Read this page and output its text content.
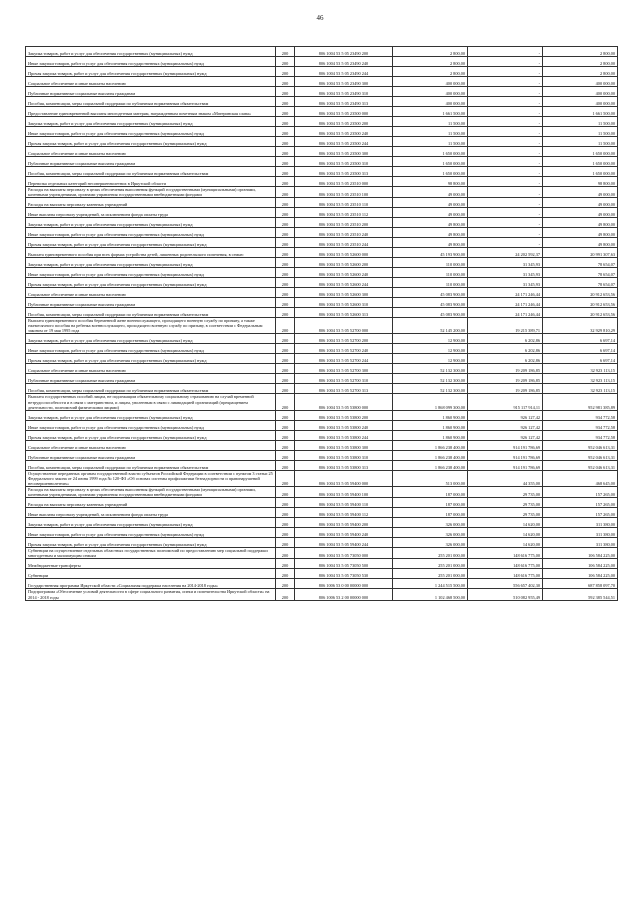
46
Закупка товаров, работ и услуг для обеспечения государственных (муниципальных) нужд	200	806 1004 53 5 05 23490 200	2 800,00	-	2 800,00
Иные закупки товаров, работ и услуг для обеспечения государственных (муниципальных) нужд	200	806 1004 53 5 05 23490 240	2 800,00	-	2 800,00
Прочая закупка товаров, работ и услуг для обеспечения государственных (муниципальных) нужд	200	806 1004 53 5 05 23490 244	2 800,00	-	2 800,00
Социальное обеспечение и иные выплаты населению	200	806 1004 53 5 05 23490 300	400 000,00	-	400 000,00
Публичные нормативные социальные выплаты гражданам	200	806 1004 53 5 05 23490 310	400 000,00	-	400 000,00
Пособия, компенсации, меры социальной поддержки по публичным нормативным обязательствам	200	806 1004 53 5 05 23490 313	400 000,00	-	400 000,00
Предоставление единовременной выплаты многодетным матерям, награжденным почетным знаком «Материнская слава»	200	806 1004 53 5 05 23500 000	1 661 500,00	-	1 661 500,00
Закупка товаров, работ и услуг для обеспечения государственных (муниципальных) нужд	200	806 1004 53 5 05 23500 200	11 500,00	-	11 500,00
Иные закупки товаров, работ и услуг для обеспечения государственных (муниципальных) нужд	200	806 1004 53 5 05 23500 240	11 500,00	-	11 500,00
Прочая закупка товаров, работ и услуг для обеспечения государственных (муниципальных) нужд	200	806 1004 53 5 05 23500 244	11 500,00	-	11 500,00
Социальное обеспечение и иные выплаты населению	200	806 1004 53 5 05 23500 300	1 650 000,00	-	1 650 000,00
Публичные нормативные социальные выплаты гражданам	200	806 1004 53 5 05 23500 310	1 650 000,00	-	1 650 000,00
Пособия, компенсации, меры социальной поддержки по публичным нормативным обязательствам	200	806 1004 53 5 05 23500 313	1 650 000,00	-	1 650 000,00
Перевозка отдельных категорий несовершеннолетних в Иркутской области	200	806 1004 53 5 05 23510 000	98 800,00	-	98 800,00
Расходы на выплаты персоналу в целях обеспечения выполнения функций государственными (муниципальными) органами, казенными учреждениями, органами управления государственными внебюджетными фондами	200	806 1004 53 5 05 23510 100	49 000,00	-	49 000,00
Расходы на выплаты персоналу казенных учреждений	200	806 1004 53 5 05 23510 110	49 000,00	-	49 000,00
Иные выплаты персоналу учреждений, за исключением фонда оплаты труда	200	806 1004 53 5 05 23510 112	49 000,00	-	49 000,00
Закупка товаров, работ и услуг для обеспечения государственных (муниципальных) нужд	200	806 1004 53 5 05 23510 200	49 800,00	-	49 800,00
Иные закупки товаров, работ и услуг для обеспечения государственных (муниципальных) нужд	200	806 1004 53 5 05 23510 240	49 800,00	-	49 800,00
Прочая закупка товаров, работ и услуг для обеспечения государственных (муниципальных) нужд	200	806 1004 53 5 05 23510 244	49 800,00	-	49 800,00
Выплата единовременного пособия при всех формах устройства детей, лишенных родительского попечения, в семью	200	806 1004 53 5 05 52600 000	45 193 900,00	24 202 592,37	20 991 307,63
Закупка товаров, работ и услуг для обеспечения государственных (муниципальных) нужд	200	806 1004 53 5 05 52600 200	110 000,00	31 345,93	78 654,07
Иные закупки товаров, работ и услуг для обеспечения государственных (муниципальных) нужд	200	806 1004 53 5 05 52600 240	110 000,00	31 345,93	78 654,07
Прочая закупка товаров, работ и услуг для обеспечения государственных (муниципальных) нужд	200	806 1004 53 5 05 52600 244	110 000,00	31 345,93	78 654,07
Социальное обеспечение и иные выплаты населению	200	806 1004 53 5 05 52600 300	45 083 900,00	24 171 246,44	20 912 653,56
Публичные нормативные социальные выплаты гражданам	200	806 1004 53 5 05 52600 310	45 083 900,00	24 171 246,44	20 912 653,56
Пособия, компенсации, меры социальной поддержки по публичным нормативным обязательствам	200	806 1004 53 5 05 52600 313	45 083 900,00	24 171 246,44	20 912 653,56
Выплата единовременного пособия беременной жене военнослужащего, проходящего военную службу по призыву, а также ежемесячного пособия на ребенка военнослужащего, проходящего военную службу по призыву, в соответствии с Федеральным законом от 19 мая 1995 года	200	806 1004 53 5 05 52700 000	52 145 200,00	19 215 389,71	32 929 810,29
Закупка товаров, работ и услуг для обеспечения государственных (муниципальных) нужд	200	806 1004 53 5 05 52700 200	12 900,00	6 202,86	6 697,14
Иные закупки товаров, работ и услуг для обеспечения государственных (муниципальных) нужд	200	806 1004 53 5 05 52700 240	12 900,00	6 202,86	6 697,14
Прочая закупка товаров, работ и услуг для обеспечения государственных (муниципальных) нужд	200	806 1004 53 5 05 52700 244	12 900,00	6 202,86	6 697,14
Социальное обеспечение и иные выплаты населению	200	806 1004 53 5 05 52700 300	52 132 300,00	19 209 186,85	32 923 113,15
Публичные нормативные социальные выплаты гражданам	200	806 1004 53 5 05 52700 310	52 132 300,00	19 209 186,85	32 923 113,15
Пособия, компенсации, меры социальной поддержки по публичным нормативным обязательствам	200	806 1004 53 5 05 52700 313	52 132 300,00	19 209 186,85	32 923 113,15
Выплата государственных пособий лицам, не подлежащим обязательному социальному страхованию на случай временной нетрудоспособности и в связи с материнством, и лицам, уволенным в связи с ликвидацией организаций (прекращением деятельности, полномочий физическими лицами)	200	806 1004 53 5 05 53800 000	1 868 099 300,00	915 117 914,11	952 981 385,89
Закупка товаров, работ и услуг для обеспечения государственных (муниципальных) нужд	200	806 1004 53 5 05 53800 200	1 860 900,00	926 127,42	934 772,58
Иные закупки товаров, работ и услуг для обеспечения государственных (муниципальных) нужд	200	806 1004 53 5 05 53800 240	1 860 900,00	926 127,42	934 772,58
Прочая закупка товаров, работ и услуг для обеспечения государственных (муниципальных) нужд	200	806 1004 53 5 05 53800 244	1 860 900,00	926 127,42	934 772,58
Социальное обеспечение и иные выплаты населению	200	806 1004 53 5 05 53800 300	1 866 238 400,00	914 191 786,69	952 046 613,31
Публичные нормативные социальные выплаты гражданам	200	806 1004 53 5 05 53800 310	1 866 238 400,00	914 191 786,69	952 046 613,31
Пособия, компенсации, меры социальной поддержки по публичным нормативным обязательствам	200	806 1004 53 5 05 53800 313	1 866 238 400,00	914 191 786,69	952 046 613,31
Осуществление переданных органам государственной власти субъектов Российской Федерации в соответствии с пунктом 3 статьи 25 Федерального закона от 24 июня 1999 года № 120-ФЗ «Об основах системы профилактики безнадзорности и правонарушений несовершеннолетних»	200	806 1004 53 5 05 59400 000	513 000,00	44 355,00	468 645,00
Расходы на выплаты персоналу в целях обеспечения выполнения функций государственными (муниципальными) органами, казенными учреждениями, органами управления государственными внебюджетными фондами	200	806 1004 53 5 05 59400 100	187 000,00	29 735,00	157 265,00
Расходы на выплаты персоналу казенных учреждений	200	806 1004 53 5 05 59400 110	187 000,00	29 735,00	157 265,00
Иные выплаты персоналу учреждений, за исключением фонда оплаты труда	200	806 1004 53 5 05 59400 112	187 000,00	29 735,00	157 265,00
Закупка товаров, работ и услуг для обеспечения государственных (муниципальных) нужд	200	806 1004 53 5 05 59400 200	326 000,00	14 620,00	311 380,00
Иные закупки товаров, работ и услуг для обеспечения государственных (муниципальных) нужд	200	806 1004 53 5 05 59400 240	326 000,00	14 620,00	311 380,00
Прочая закупка товаров, работ и услуг для обеспечения государственных (муниципальных) нужд	200	806 1004 53 5 05 59400 244	326 000,00	14 620,00	311 380,00
Субвенции на осуществление отдельных областных государственных полномочий по предоставлению мер социальной поддержки многодетным и малоимущим семьям	200	806 1004 53 5 05 73050 000	255 201 000,00	148 616 775,00	106 584 225,00
Межбюджетные трансферты	200	806 1004 53 5 05 73050 500	255 201 000,00	148 616 775,00	106 584 225,00
Субвенции	200	806 1004 53 5 05 73050 530	255 201 000,00	148 616 775,00	106 584 225,00
Государственная программа Иркутской области «Социальная поддержка населения на 2014-2018 годы»	200	806 1006 53 0 00 00000 000	1 244 515 500,00	556 657 402,30	687 858 097,70
Подпрограмма «Обеспечение условий деятельности в сфере социального развития, опеки и попечительства Иркутской области» на 2014 - 2018 годы	200	806 1006 53 2 00 00000 000	1 102 468 500,00	510 082 955,49	592 385 544,51
